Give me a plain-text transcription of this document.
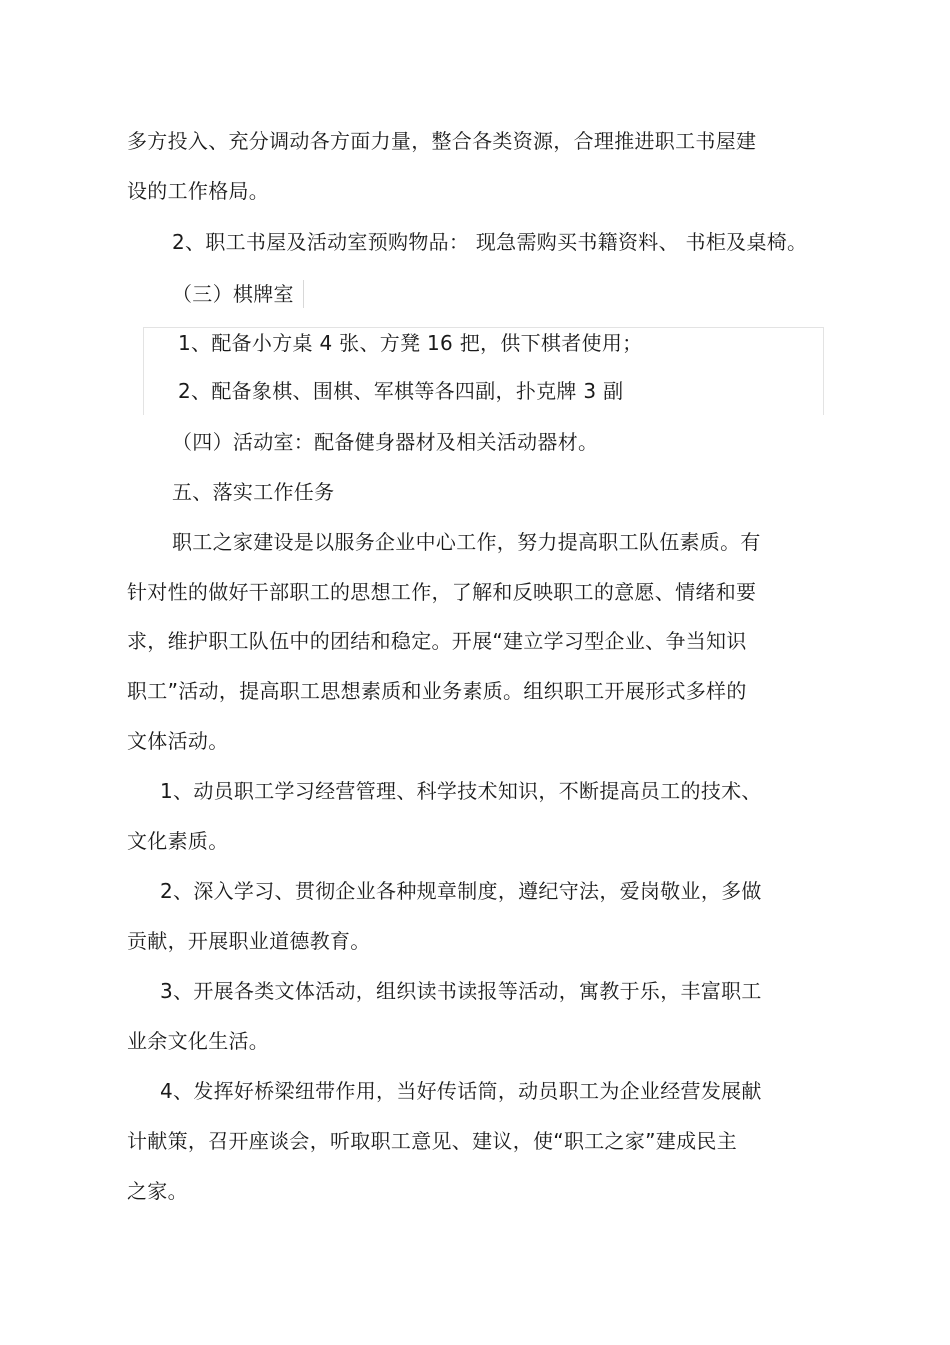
多方投入、充分调动各方面力量，整合各类资源，合理推进职工书屋建
设的工作格局。
2、职工书屋及活动室预购物品： 现急需购买书籍资料、 书柜及桌椅。
（三）棋牌室
1、配备小方桌 4 张、方凳 16 把，供下棋者使用；
2、配备象棋、围棋、军棋等各四副，扑克牌 3 副
（四）活动室：配备健身器材及相关活动器材。
五、落实工作任务
职工之家建设是以服务企业中心工作，努力提高职工队伍素质。有
针对性的做好干部职工的思想工作，了解和反映职工的意愿、情绪和要
求，维护职工队伍中的团结和稳定。开展“建立学习型企业、争当知识
职工”活动，提高职工思想素质和业务素质。组织职工开展形式多样的
文体活动。
1、动员职工学习经营管理、科学技术知识，不断提高员工的技术、
文化素质。
2、深入学习、贯彻企业各种规章制度，遵纪守法，爱岗敬业，多做
贡献，开展职业道德教育。
3、开展各类文体活动，组织读书读报等活动，寓教于乐，丰富职工
业余文化生活。
4、发挥好桥梁纽带作用，当好传话筒，动员职工为企业经营发展献
计献策，召开座谈会，听取职工意见、建议，使“职工之家”建成民主
之家。
